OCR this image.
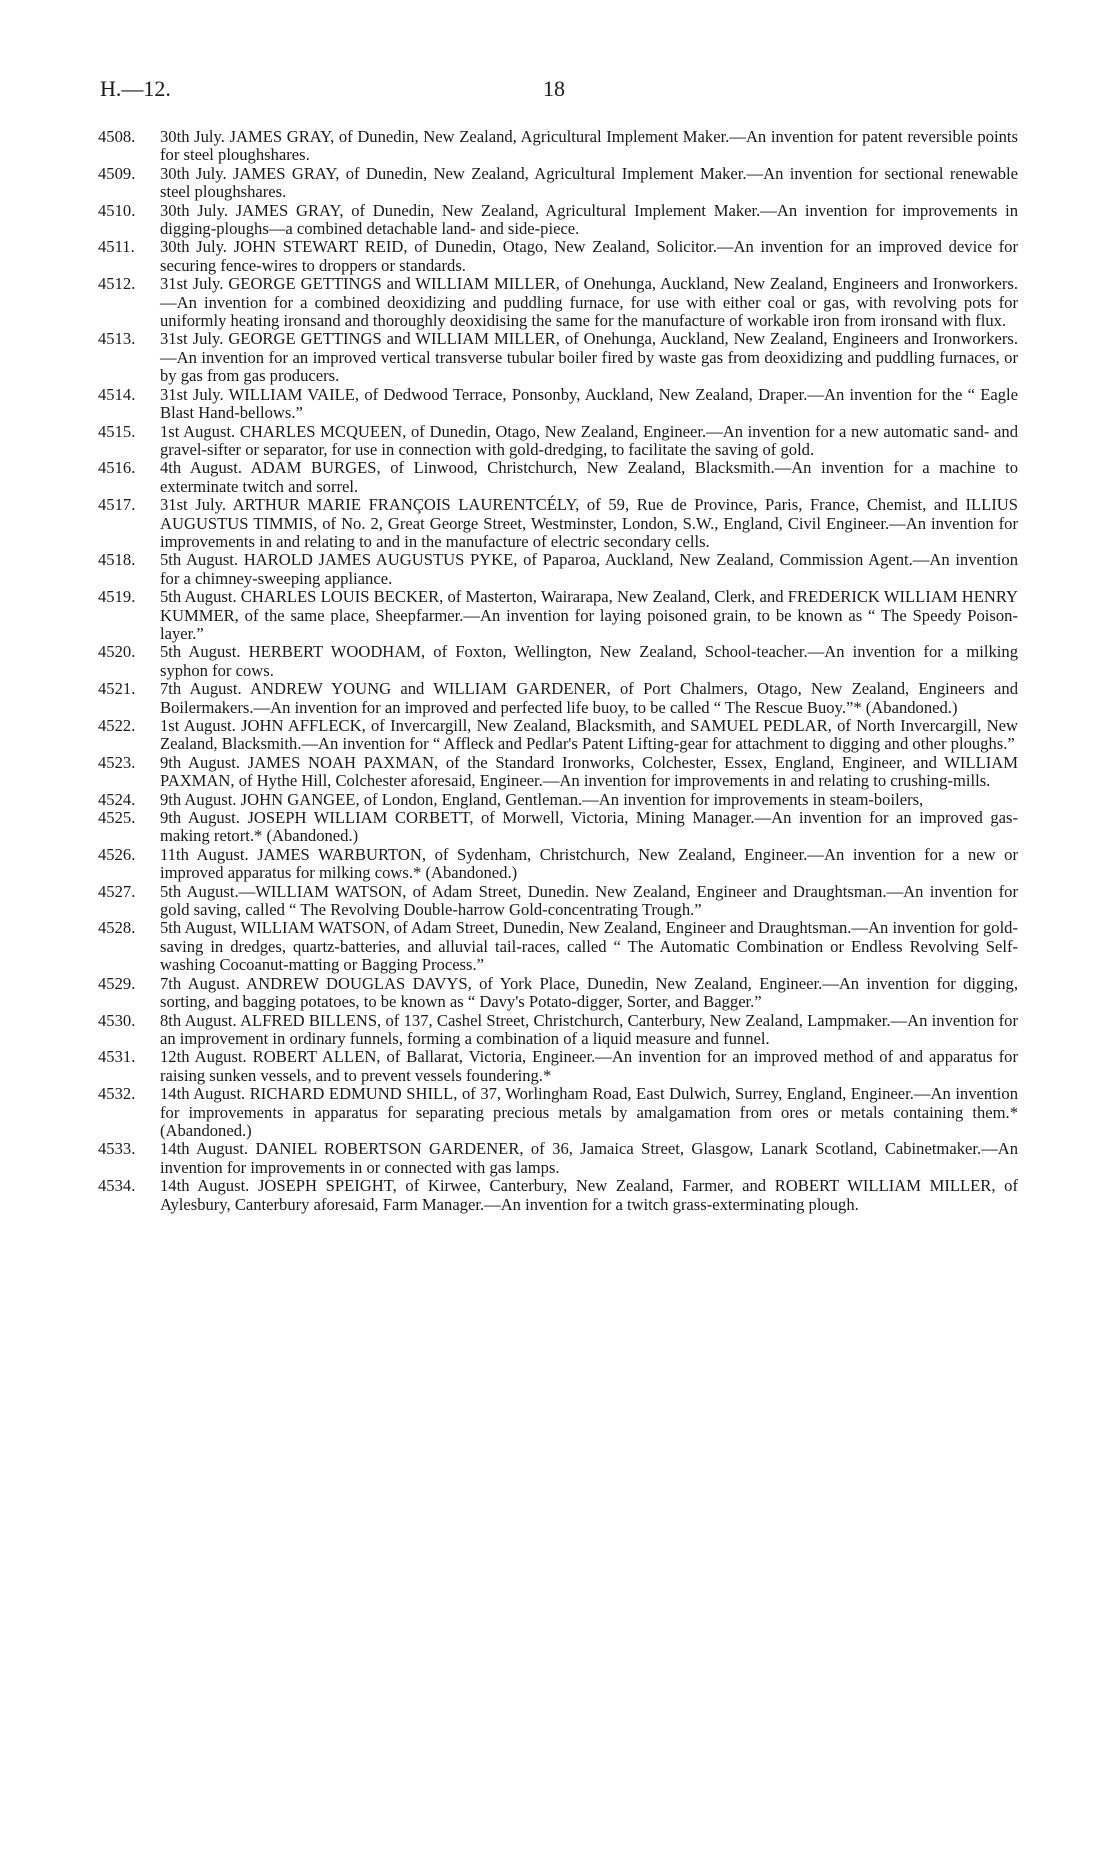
H.—12.	18

4508.	30th July. JAMES GRAY, of Dunedin, New Zealand, Agricultural Implement Maker.—An invention for patent reversible points for steel ploughshares.

4509.	30th July. JAMES GRAY, of Dunedin, New Zealand, Agricultural Implement Maker.—An invention for sectional renewable steel ploughshares.

4510.	30th July. JAMES GRAY, of Dunedin, New Zealand, Agricultural Implement Maker.—An invention for improvements in digging-ploughs—a combined detachable land- and side-piece.

4511.	30th July. JOHN STEWART REID, of Dunedin, Otago, New Zealand, Solicitor.—An invention for an improved device for securing fence-wires to droppers or standards.

4512.	31st July. GEORGE GETTINGS and WILLIAM MILLER, of Onehunga, Auckland, New Zealand, Engineers and Ironworkers.—An invention for a combined deoxidizing and puddling furnace, for use with either coal or gas, with revolving pots for uniformly heating ironsand and thoroughly deoxidising the same for the manufacture of workable iron from ironsand with flux.

4513.	31st July. GEORGE GETTINGS and WILLIAM MILLER, of Onehunga, Auckland, New Zealand, Engineers and Ironworkers.—An invention for an improved vertical transverse tubular boiler fired by waste gas from deoxidizing and puddling furnaces, or by gas from gas producers.

4514.	31st July. WILLIAM VAILE, of Dedwood Terrace, Ponsonby, Auckland, New Zealand, Draper.—An invention for the “ Eagle Blast Hand-bellows.”

4515.	1st August. CHARLES MCQUEEN, of Dunedin, Otago, New Zealand, Engineer.—An invention for a new automatic sand- and gravel-sifter or separator, for use in connection with gold-dredging, to facilitate the saving of gold.

4516.	4th August. ADAM BURGES, of Linwood, Christchurch, New Zealand, Blacksmith.—An invention for a machine to exterminate twitch and sorrel.

4517.	31st July. ARTHUR MARIE FRANÇOIS LAURENTCÉLY, of 59, Rue de Province, Paris, France, Chemist, and ILLIUS AUGUSTUS TIMMIS, of No. 2, Great George Street, Westminster, London, S.W., England, Civil Engineer.—An invention for improvements in and relating to and in the manufacture of electric secondary cells.

4518.	5th August. HAROLD JAMES AUGUSTUS PYKE, of Paparoa, Auckland, New Zealand, Commission Agent.—An invention for a chimney-sweeping appliance.

4519.	5th August. CHARLES LOUIS BECKER, of Masterton, Wairarapa, New Zealand, Clerk, and FREDERICK WILLIAM HENRY KUMMER, of the same place, Sheepfarmer.—An invention for laying poisoned grain, to be known as “ The Speedy Poison-layer.”

4520.	5th August. HERBERT WOODHAM, of Foxton, Wellington, New Zealand, School-teacher.—An invention for a milking syphon for cows.

4521.	7th August. ANDREW YOUNG and WILLIAM GARDENER, of Port Chalmers, Otago, New Zealand, Engineers and Boilermakers.—An invention for an improved and perfected life buoy, to be called “ The Rescue Buoy.”* (Abandoned.)

4522.	1st August. JOHN AFFLECK, of Invercargill, New Zealand, Blacksmith, and SAMUEL PEDLAR, of North Invercargill, New Zealand, Blacksmith.—An invention for “ Affleck and Pedlar's Patent Lifting-gear for attachment to digging and other ploughs.”

4523.	9th August. JAMES NOAH PAXMAN, of the Standard Ironworks, Colchester, Essex, England, Engineer, and WILLIAM PAXMAN, of Hythe Hill, Colchester aforesaid, Engineer.—An invention for improvements in and relating to crushing-mills.

4524.	9th August. JOHN GANGEE, of London, England, Gentleman.—An invention for improvements in steam-boilers,

4525.	9th August. JOSEPH WILLIAM CORBETT, of Morwell, Victoria, Mining Manager.—An invention for an improved gas-making retort.* (Abandoned.)

4526.	11th August. JAMES WARBURTON, of Sydenham, Christchurch, New Zealand, Engineer.—An invention for a new or improved apparatus for milking cows.* (Abandoned.)

4527.	5th August.—WILLIAM WATSON, of Adam Street, Dunedin. New Zealand, Engineer and Draughtsman.—An invention for gold saving, called “ The Revolving Double-harrow Gold-concentrating Trough.”

4528.	5th August, WILLIAM WATSON, of Adam Street, Dunedin, New Zealand, Engineer and Draughtsman.—An invention for gold-saving in dredges, quartz-batteries, and alluvial tail-races, called “ The Automatic Combination or Endless Revolving Self-washing Cocoanut-matting or Bagging Process.”

4529.	7th August. ANDREW DOUGLAS DAVYS, of York Place, Dunedin, New Zealand, Engineer.—An invention for digging, sorting, and bagging potatoes, to be known as “ Davy's Potato-digger, Sorter, and Bagger.”

4530.	8th August. ALFRED BILLENS, of 137, Cashel Street, Christchurch, Canterbury, New Zealand, Lampmaker.—An invention for an improvement in ordinary funnels, forming a combination of a liquid measure and funnel.

4531.	12th August. ROBERT ALLEN, of Ballarat, Victoria, Engineer.—An invention for an improved method of and apparatus for raising sunken vessels, and to prevent vessels foundering.*

4532.	14th August. RICHARD EDMUND SHILL, of 37, Worlingham Road, East Dulwich, Surrey, England, Engineer.—An invention for improvements in apparatus for separating precious metals by amalgamation from ores or metals containing them.* (Abandoned.)

4533.	14th August. DANIEL ROBERTSON GARDENER, of 36, Jamaica Street, Glasgow, Lanark Scotland, Cabinetmaker.—An invention for improvements in or connected with gas lamps.

4534.	14th August. JOSEPH SPEIGHT, of Kirwee, Canterbury, New Zealand, Farmer, and ROBERT WILLIAM MILLER, of Aylesbury, Canterbury aforesaid, Farm Manager.—An invention for a twitch grass-exterminating plough.
